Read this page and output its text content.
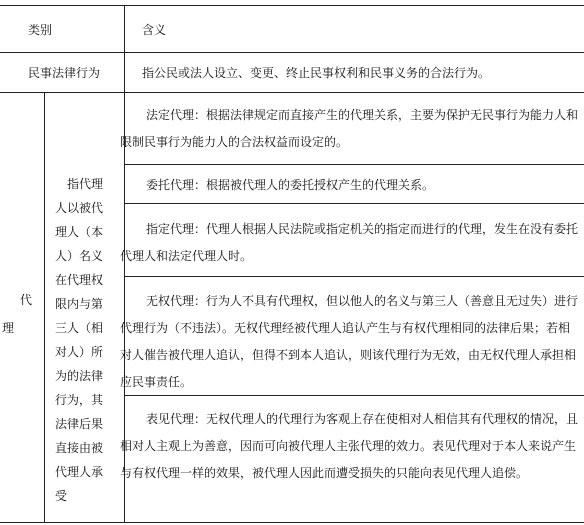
类别	含义
民事法律行为	指公民或法人设立、变更、终止民事权利和民事义务的合法行为。
代
理
指代理人以被代理人（本人）名义在代理权限内与第三人（相对人）所为的法律行为，其法律后果直接由被代理人承受
法定代理：根据法律规定而直接产生的代理关系，主要为保护无民事行为能力人和限制民事行为能力人的合法权益而设定的。
委托代理：根据被代理人的委托授权产生的代理关系。
指定代理：代理人根据人民法院或指定机关的指定而进行的代理，发生在没有委托代理人和法定代理人时。
无权代理：行为人不具有代理权，但以他人的名义与第三人（善意且无过失）进行代理行为（不违法）。无权代理经被代理人追认产生与有权代理相同的法律后果；若相对人催告被代理人追认，但得不到本人追认，则该代理行为无效，由无权代理人承担相应民事责任。
表见代理：无权代理人的代理行为客观上存在使相对人相信其有代理权的情况，且相对人主观上为善意，因而可向被代理人主张代理的效力。表见代理对于本人来说产生与有权代理一样的效果，被代理人因此而遭受损失的只能向表见代理人追偿。
